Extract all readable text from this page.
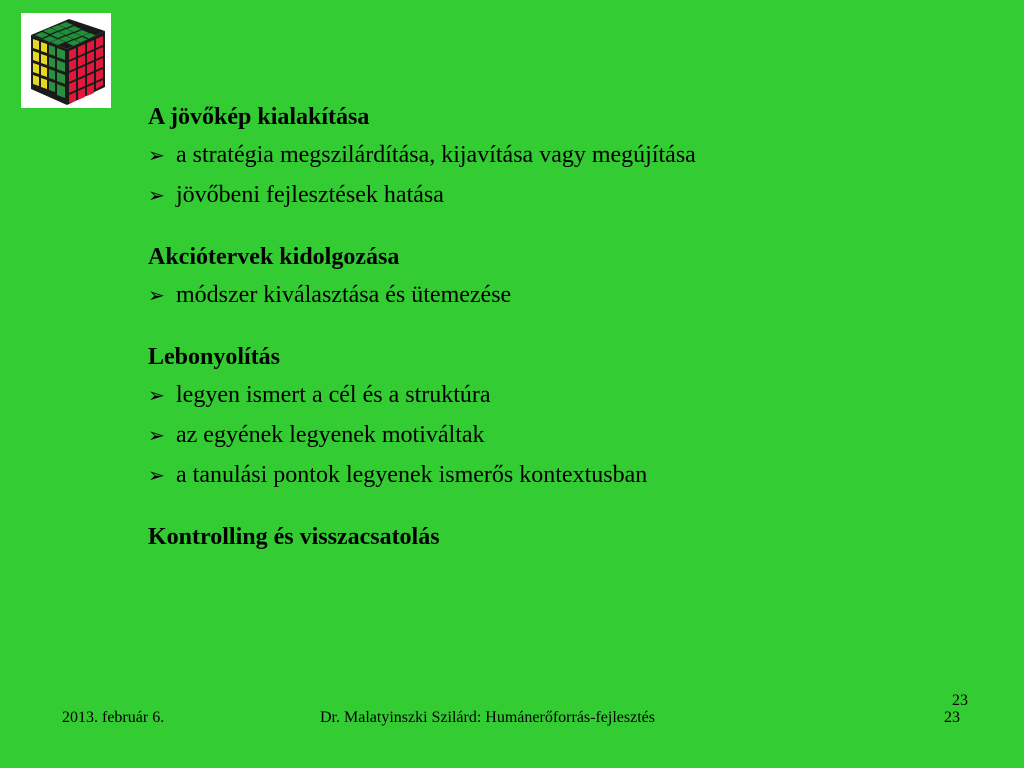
A jövőkép kialakítása
➢ a stratégia megszilárdítása, kijavítása vagy megújítása
➢ jövőbeni fejlesztések hatása
Akciótervek kidolgozása
➢ módszer kiválasztása és ütemezése
Lebonyolítás
➢ legyen ismert a cél és a struktúra
➢ az egyének legyenek motiváltak
➢ a tanulási pontok legyenek ismerős kontextusban
Kontrolling és visszacsatolás
23
2013. február 6.	Dr. Malatyinszki Szilárd: Humánerőforrás-fejlesztés	23
